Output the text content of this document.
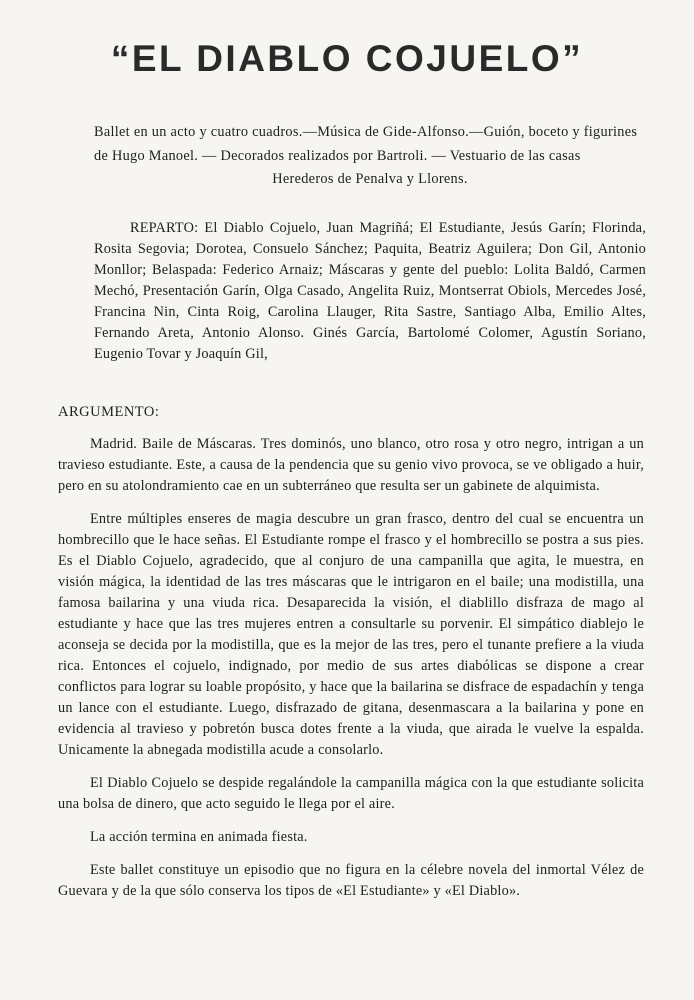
“EL DIABLO COJUELO”
Ballet en un acto y cuatro cuadros.—Música de Gide-Alfonso.—Guión, boceto y figurines de Hugo Manoel. — Decorados realizados por Bartroli. — Vestuario de las casas
Herederos de Penalva y Llorens.
REPARTO: El Diablo Cojuelo, Juan Magriñá; El Estudiante, Jesús Garín; Florinda, Rosita Segovia; Dorotea, Consuelo Sánchez; Paquita, Beatriz Aguilera; Don Gil, Antonio Monllor; Belaspada: Federico Arnaiz; Máscaras y gente del pueblo: Lolita Baldó, Carmen Mechó, Presentación Garín, Olga Casado, Angelita Ruiz, Montserrat Obiols, Mercedes José, Francina Nin, Cinta Roig, Carolina Llauger, Rita Sastre, Santiago Alba, Emilio Altes, Fernando Areta, Antonio Alonso. Ginés García, Bartolomé Colomer, Agustín Soriano, Eugenio Tovar y Joaquín Gil,
ARGUMENTO:

Madrid. Baile de Máscaras. Tres dominós, uno blanco, otro rosa y otro negro, intrigan a un travieso estudiante. Este, a causa de la pendencia que su genio vivo provoca, se ve obligado a huir, pero en su atolondramiento cae en un subterráneo que resulta ser un gabinete de alquimista.

Entre múltiples enseres de magia descubre un gran frasco, dentro del cual se encuentra un hombrecillo que le hace señas. El Estudiante rompe el frasco y el hombrecillo se postra a sus pies. Es el Diablo Cojuelo, agradecido, que al conjuro de una campanilla que agita, le muestra, en visión mágica, la identidad de las tres máscaras que le intrigaron en el baile; una modistilla, una famosa bailarina y una viuda rica. Desaparecida la visión, el diablillo disfraza de mago al estudiante y hace que las tres mujeres entren a consultarle su porvenir. El simpático diablejo le aconseja se decida por la modistilla, que es la mejor de las tres, pero el tunante prefiere a la viuda rica. Entonces el cojuelo, indignado, por medio de sus artes diabólicas se dispone a crear conflictos para lograr su loable propósito, y hace que la bailarina se disfrace de espadachín y tenga un lance con el estudiante. Luego, disfrazado de gitana, desenmascara a la bailarina y pone en evidencia al travieso y pobretón busca dotes frente a la viuda, que airada le vuelve la espalda. Unicamente la abnegada modistilla acude a consolarlo.

El Diablo Cojuelo se despide regalándole la campanilla mágica con la que estudiante solicita una bolsa de dinero, que acto seguido le llega por el aire.

La acción termina en animada fiesta.

Este ballet constituye un episodio que no figura en la célebre novela del inmortal Vélez de Guevara y de la que sólo conserva los tipos de «El Estudiante» y «El Diablo».
